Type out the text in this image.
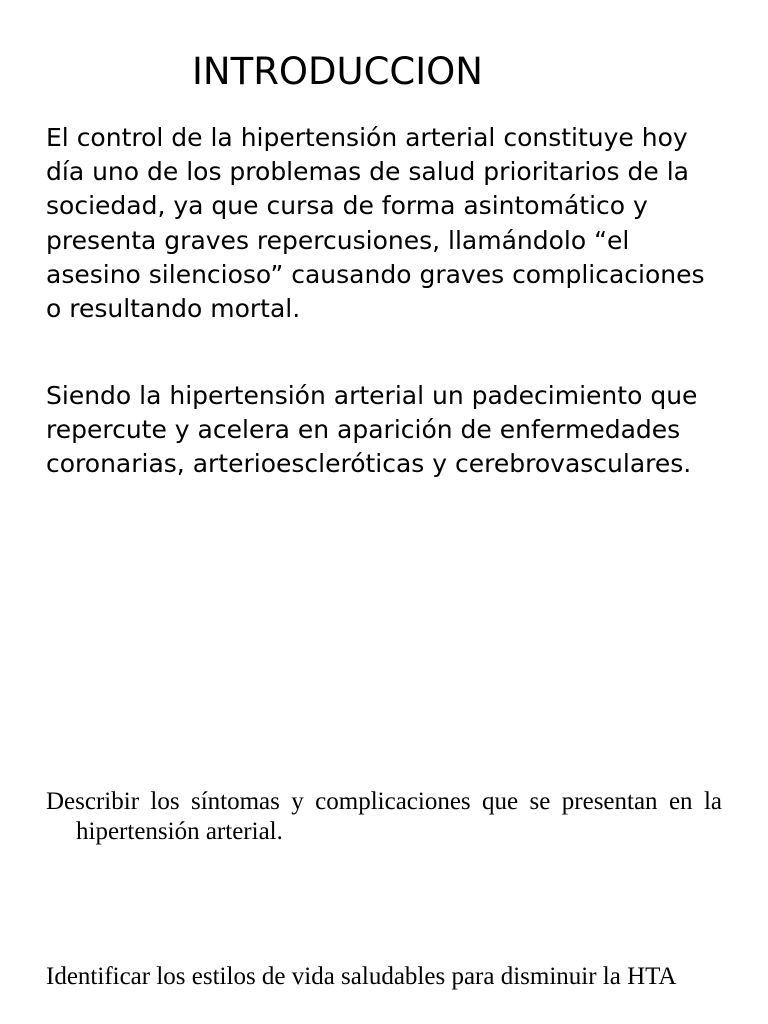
INTRODUCCION

El control de la hipertensión arterial constituye hoy
día uno de los problemas de salud prioritarios de la
sociedad, ya que cursa de forma asintomático y
presenta graves repercusiones, llamándolo “el
asesino silencioso” causando graves complicaciones
o resultando mortal.

Siendo la hipertensión arterial un padecimiento que
repercute y acelera en aparición de enfermedades
coronarias, arterioescleróticas y cerebrovasculares.

Describir los síntomas y complicaciones que se presentan en la hipertensión arterial.

Identificar los estilos de vida saludables para disminuir la HTA
